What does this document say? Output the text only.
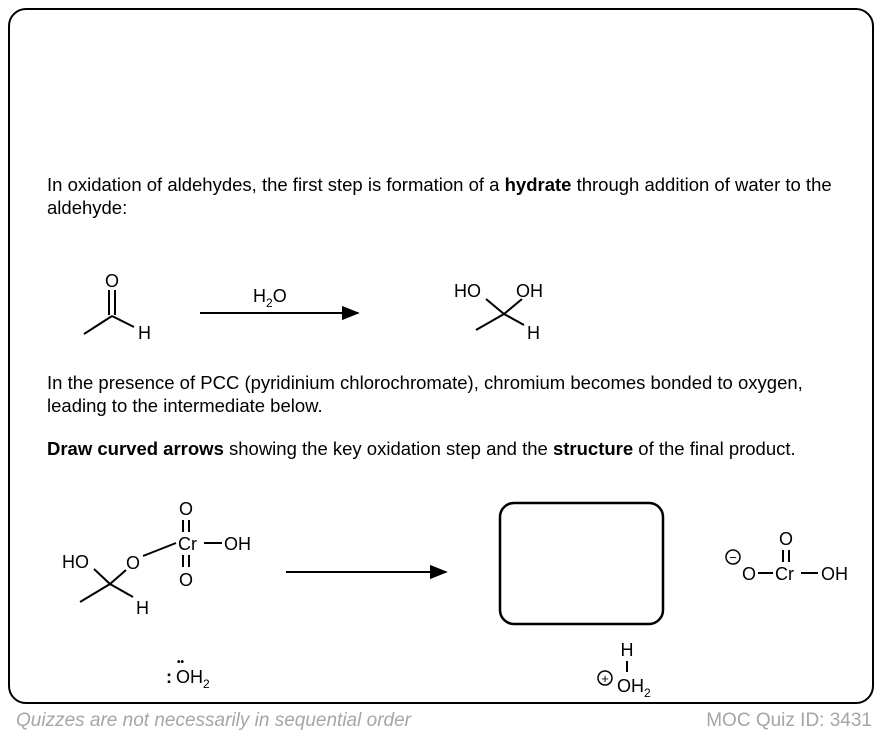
In oxidation of aldehydes, the first step is formation of a hydrate through addition of water to the aldehyde:

In the presence of PCC (pyridinium chlorochromate), chromium becomes bonded to oxygen, leading to the intermediate below.

Draw curved arrows showing the key oxidation step and the structure of the final product.

O
H
$H_2O$	HO OH
H
HO O
Cr OH
O
O
H
:
••
$OH_2$
H
+ $OH_2$
−
O Cr OH
O
Quizzes are not necessarily in sequential order	MOC Quiz ID: 3431
